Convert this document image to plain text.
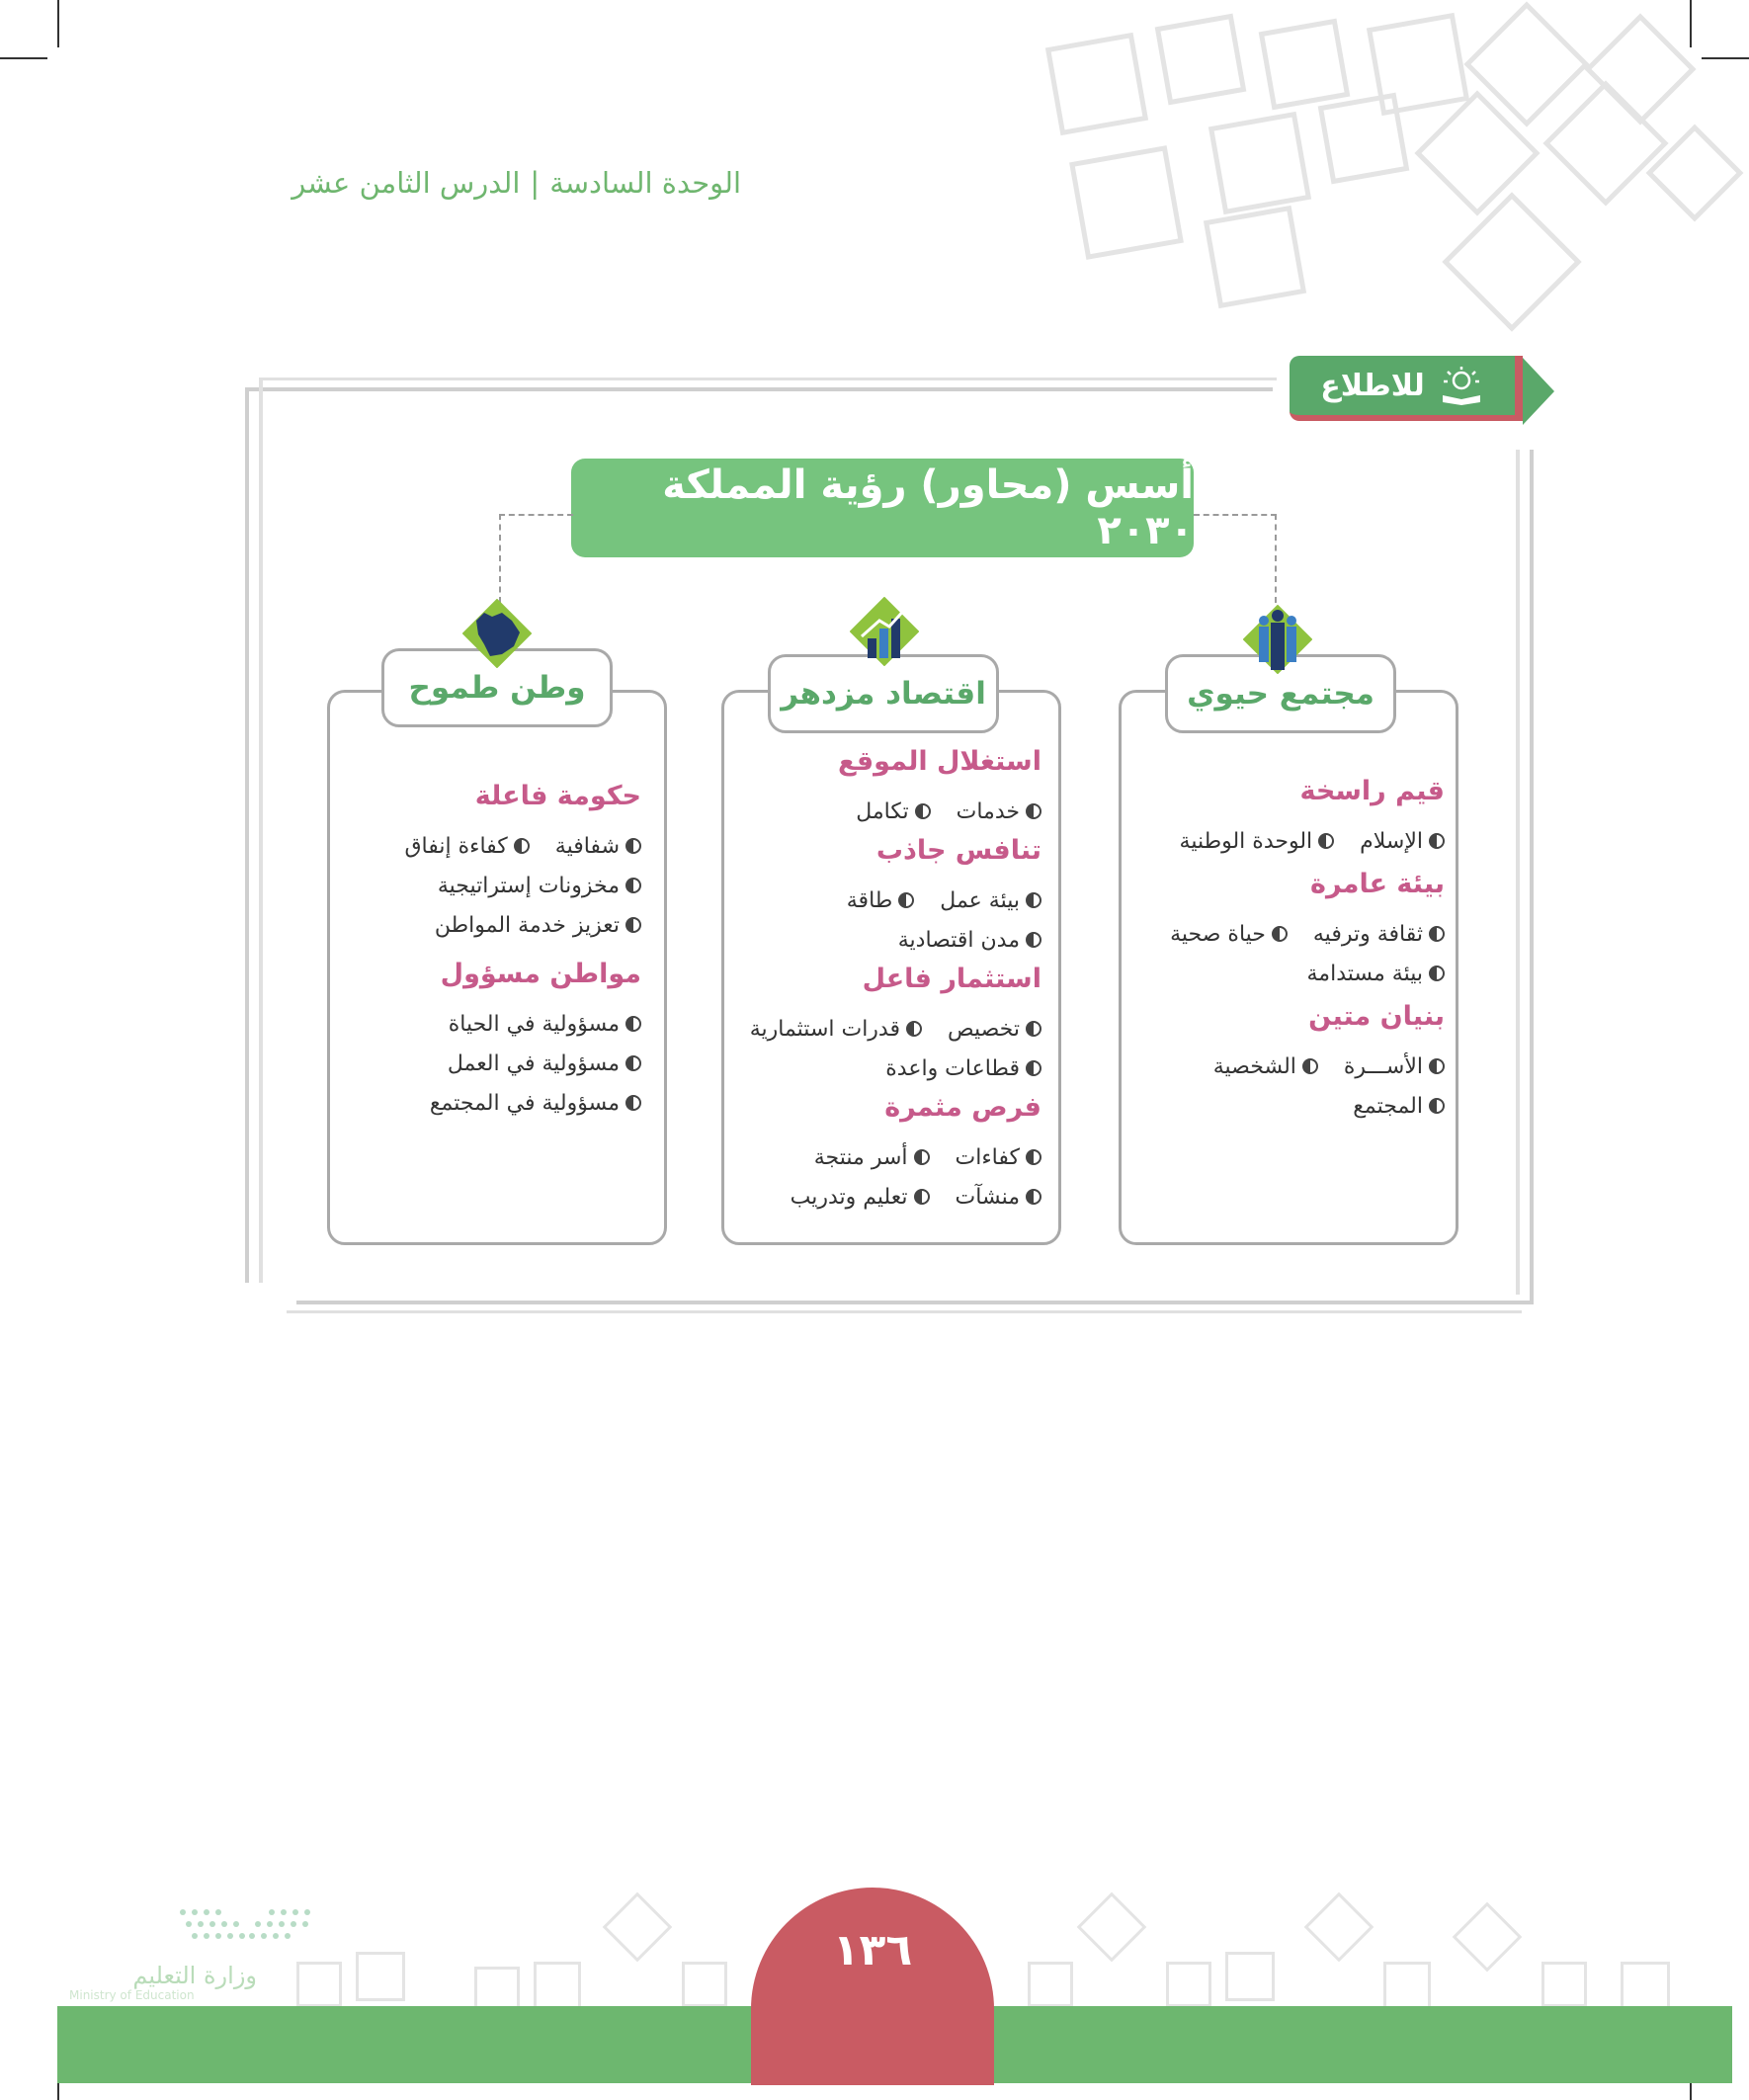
الوحدة السادسة|الدرس الثامن عشر
للاطلاع
أسس (محاور) رؤية المملكة ٢٠٣٠
مجتمع حيوي
قيم راسخة
الإسلام
الوحدة الوطنية
بيئة عامرة
ثقافة وترفيه
حياة صحية
بيئة مستدامة
بنيان متين
الأســـرة
الشخصية
المجتمع
اقتصاد مزدهر
استغلال الموقع
خدمات
تكامل
تنافس جاذب
بيئة عمل
طاقة
مدن اقتصادية
استثمار فاعل
تخصيص
قدرات استثمارية
قطاعات واعدة
فرص مثمرة
كفاءات
أسر منتجة
منشآت
تعليم وتدريب
وطن طموح
حكومة فاعلة
شفافية
كفاءة إنفاق
مخزونات إستراتيجية
تعزيز خدمة المواطن
مواطن مسؤول
مسؤولية في الحياة
مسؤولية في العمل
مسؤولية في المجتمع
وزارة التعليم
Ministry of Education
١٣٦
